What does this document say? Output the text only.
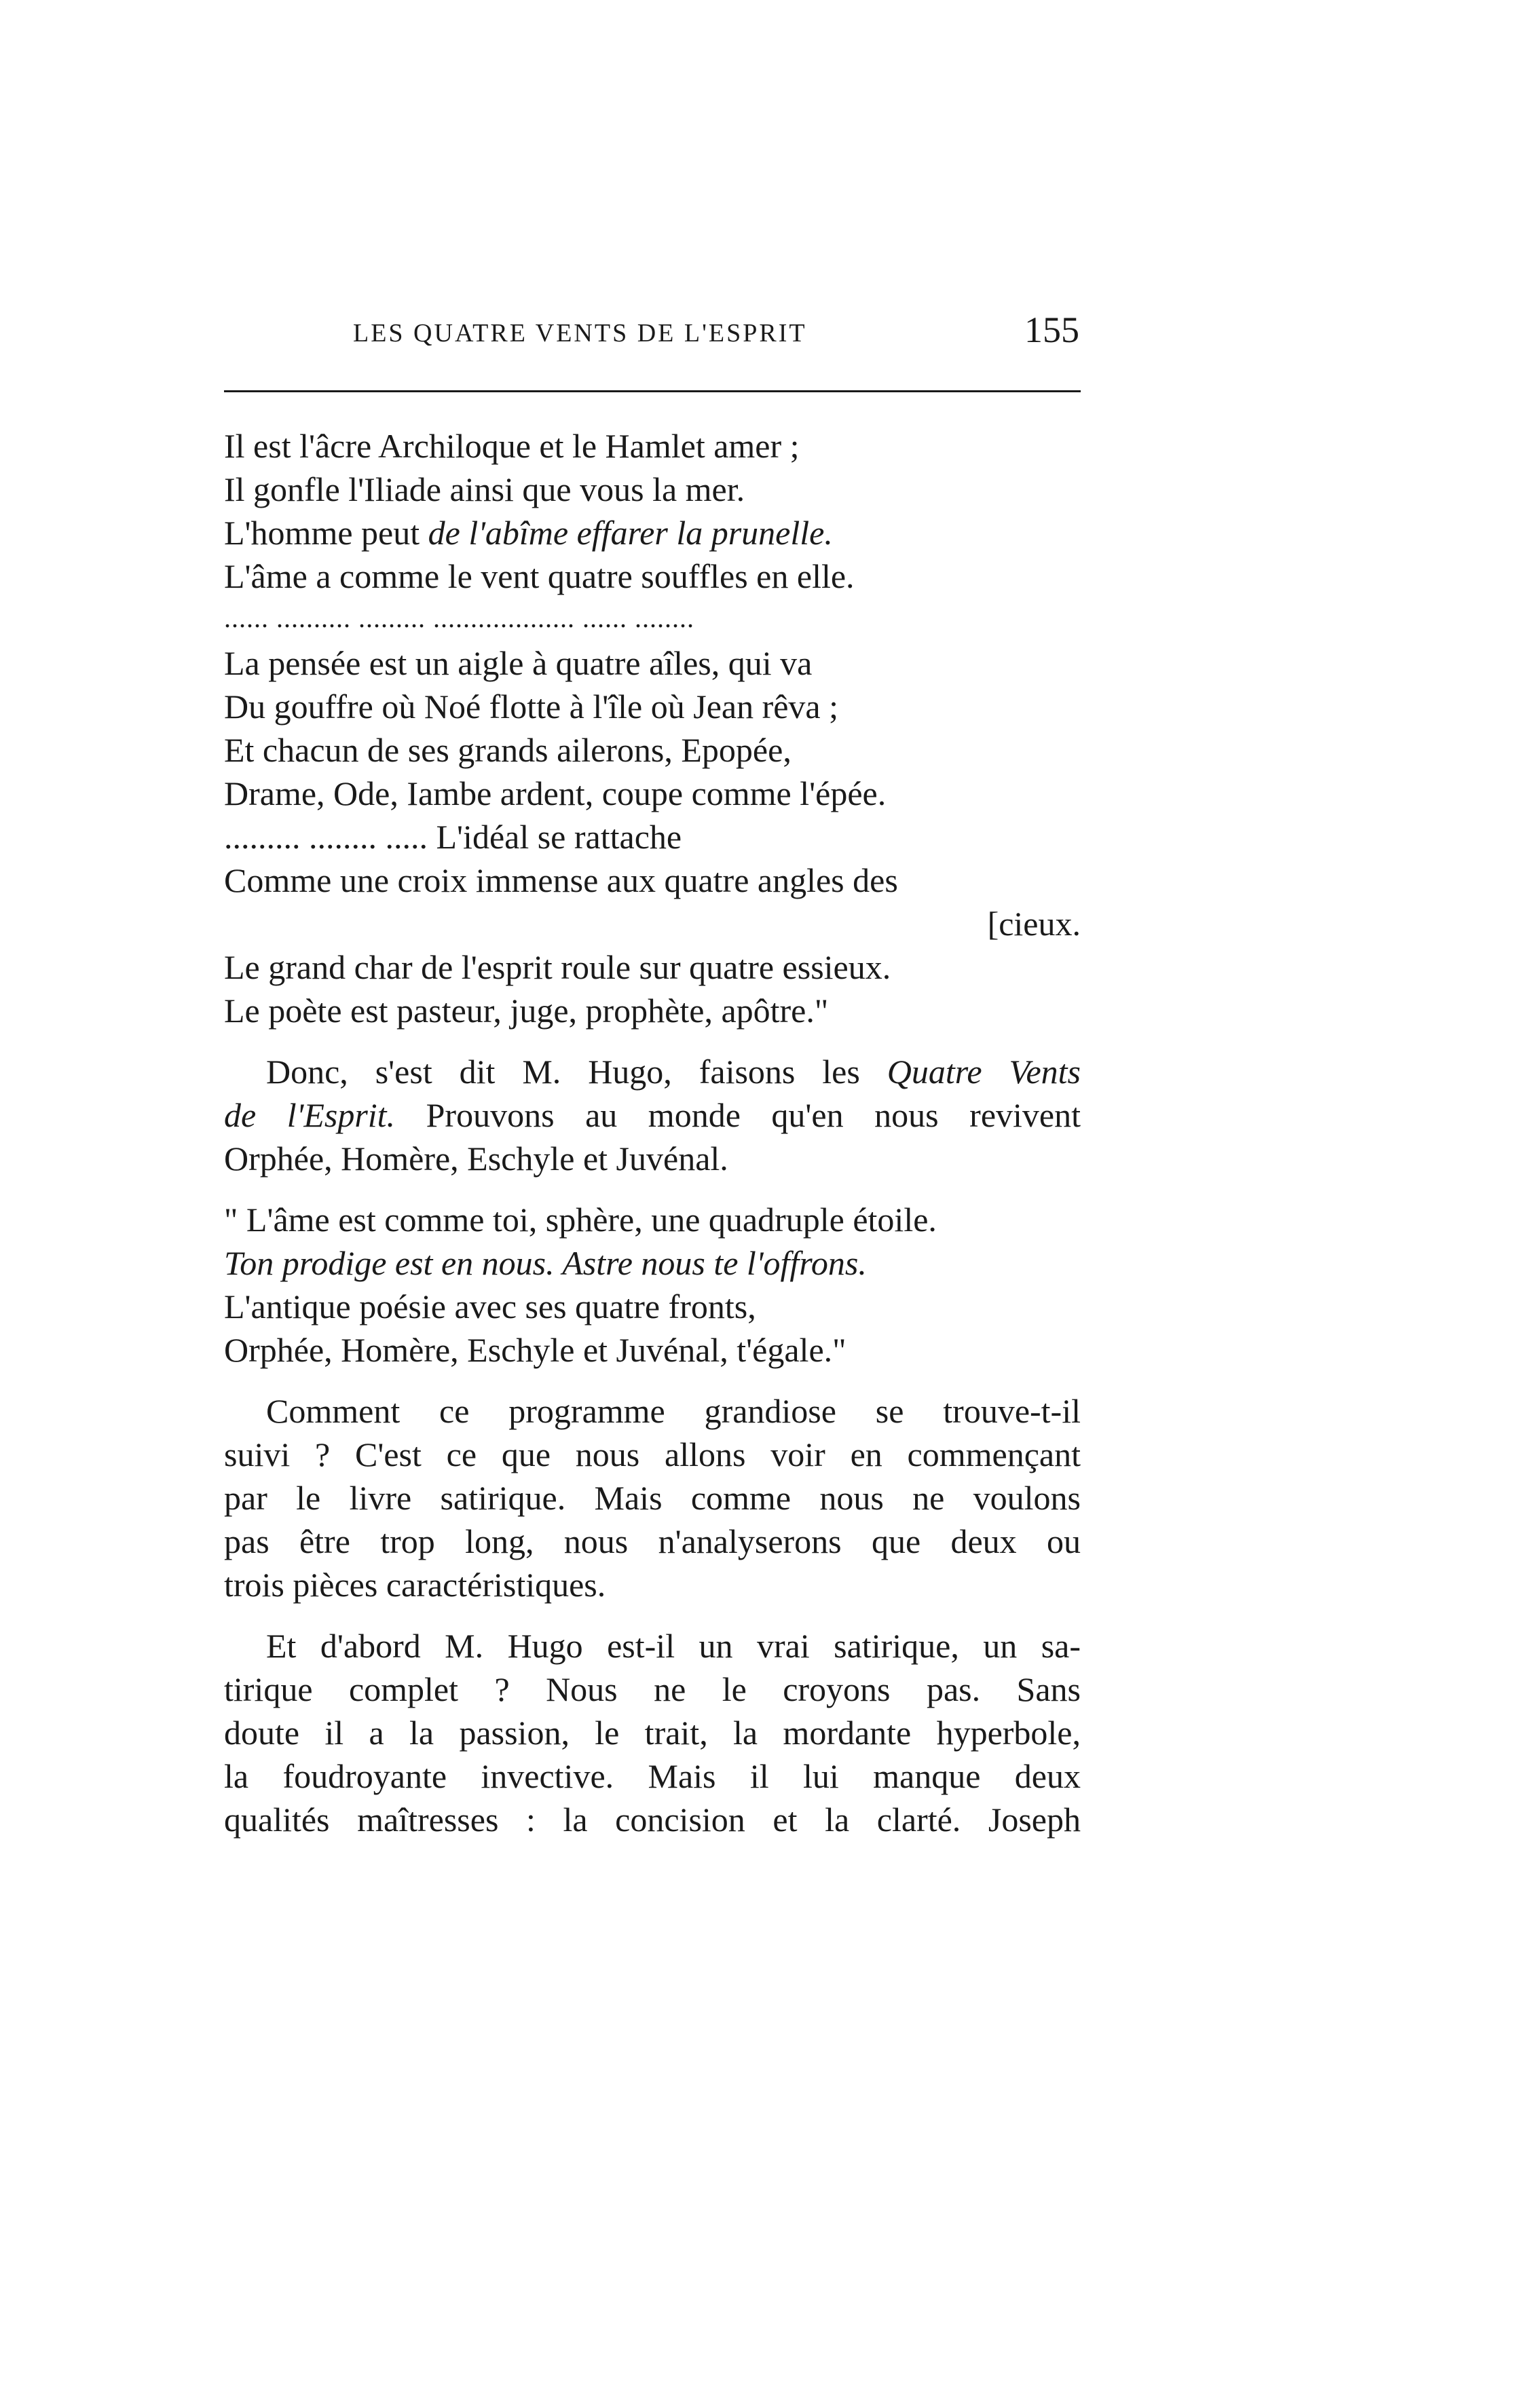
LES QUATRE VENTS DE L'ESPRIT	155
Il est l'âcre Archiloque et le Hamlet amer ;
Il gonfle l'Iliade ainsi que vous la mer.
L'homme peut de l'abîme effarer la prunelle.
L'âme a comme le vent quatre souffles en elle.
...... .......... ......... ................... ...... ........
La pensée est un aigle à quatre aîles, qui va
Du gouffre où Noé flotte à l'île où Jean rêva ;
Et chacun de ses grands ailerons, Epopée,
Drame, Ode, Iambe ardent, coupe comme l'épée.
......... ........ ..... L'idéal se rattache
Comme une croix immense aux quatre angles des
[cieux.
Le grand char de l'esprit roule sur quatre essieux.
Le poète est pasteur, juge, prophète, apôtre."
Donc, s'est dit M. Hugo, faisons les Quatre Vents
de l'Esprit. Prouvons au monde qu'en nous revivent
Orphée, Homère, Eschyle et Juvénal.
" L'âme est comme toi, sphère, une quadruple étoile.
Ton prodige est en nous. Astre nous te l'offrons.
L'antique poésie avec ses quatre fronts,
Orphée, Homère, Eschyle et Juvénal, t'égale."
Comment ce programme grandiose se trouve-t-il
suivi ? C'est ce que nous allons voir en commençant
par le livre satirique. Mais comme nous ne voulons
pas être trop long, nous n'analyserons que deux ou
trois pièces caractéristiques.
Et d'abord M. Hugo est-il un vrai satirique, un sa-
tirique complet ? Nous ne le croyons pas. Sans
doute il a la passion, le trait, la mordante hyperbole,
la foudroyante invective. Mais il lui manque deux
qualités maîtresses : la concision et la clarté. Joseph
